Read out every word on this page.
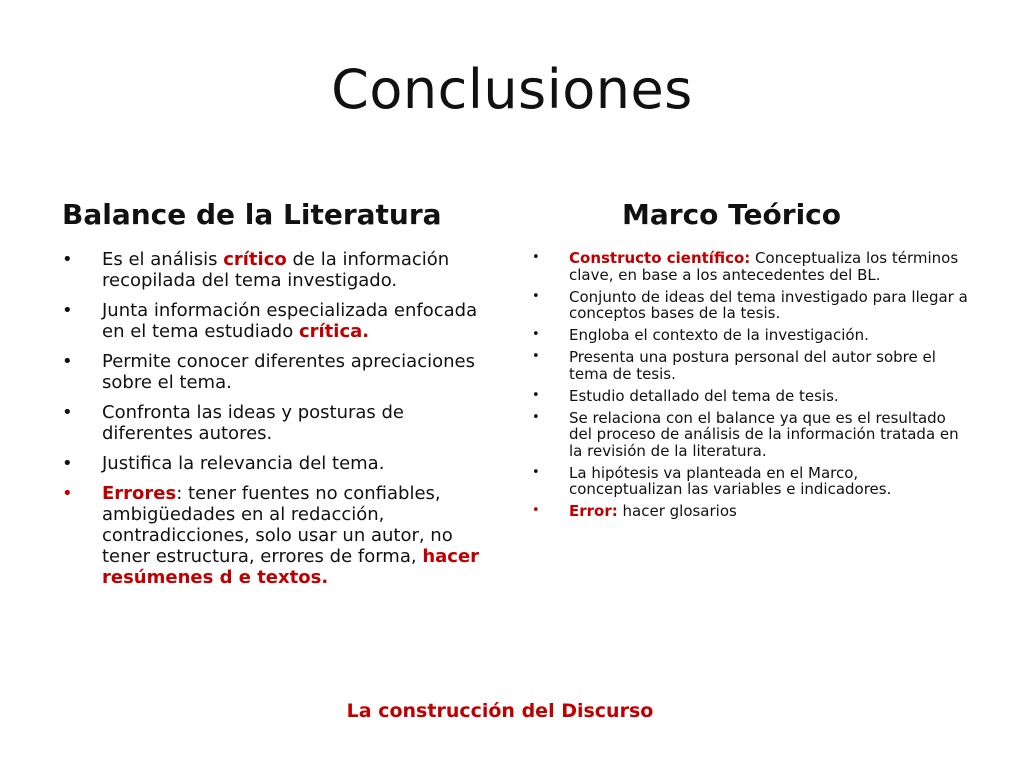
Conclusiones
Balance de la Literatura
• Es el análisis crítico de la información recopilada del tema investigado.
• Junta información especializada enfocada en el tema estudiado crítica.
• Permite conocer diferentes apreciaciones sobre el tema.
• Confronta las ideas y posturas de diferentes autores.
• Justifica la relevancia del tema.
• Errores: tener fuentes no confiables, ambigüedades en al redacción, contradicciones, solo usar un autor, no tener estructura, errores de forma, hacer resúmenes d e textos.
Marco Teórico
• Constructo científico: Conceptualiza los términos clave, en base a los antecedentes del BL.
• Conjunto de ideas del tema investigado para llegar a conceptos bases de la tesis.
• Engloba el contexto de la investigación.
• Presenta una postura personal del autor sobre el tema de tesis.
• Estudio detallado del tema de tesis.
• Se relaciona con el balance ya que es el resultado del proceso de análisis de la información tratada en la revisión de la literatura.
• La hipótesis va planteada en el Marco, conceptualizan las variables e indicadores.
• Error: hacer glosarios
La construcción del Discurso
